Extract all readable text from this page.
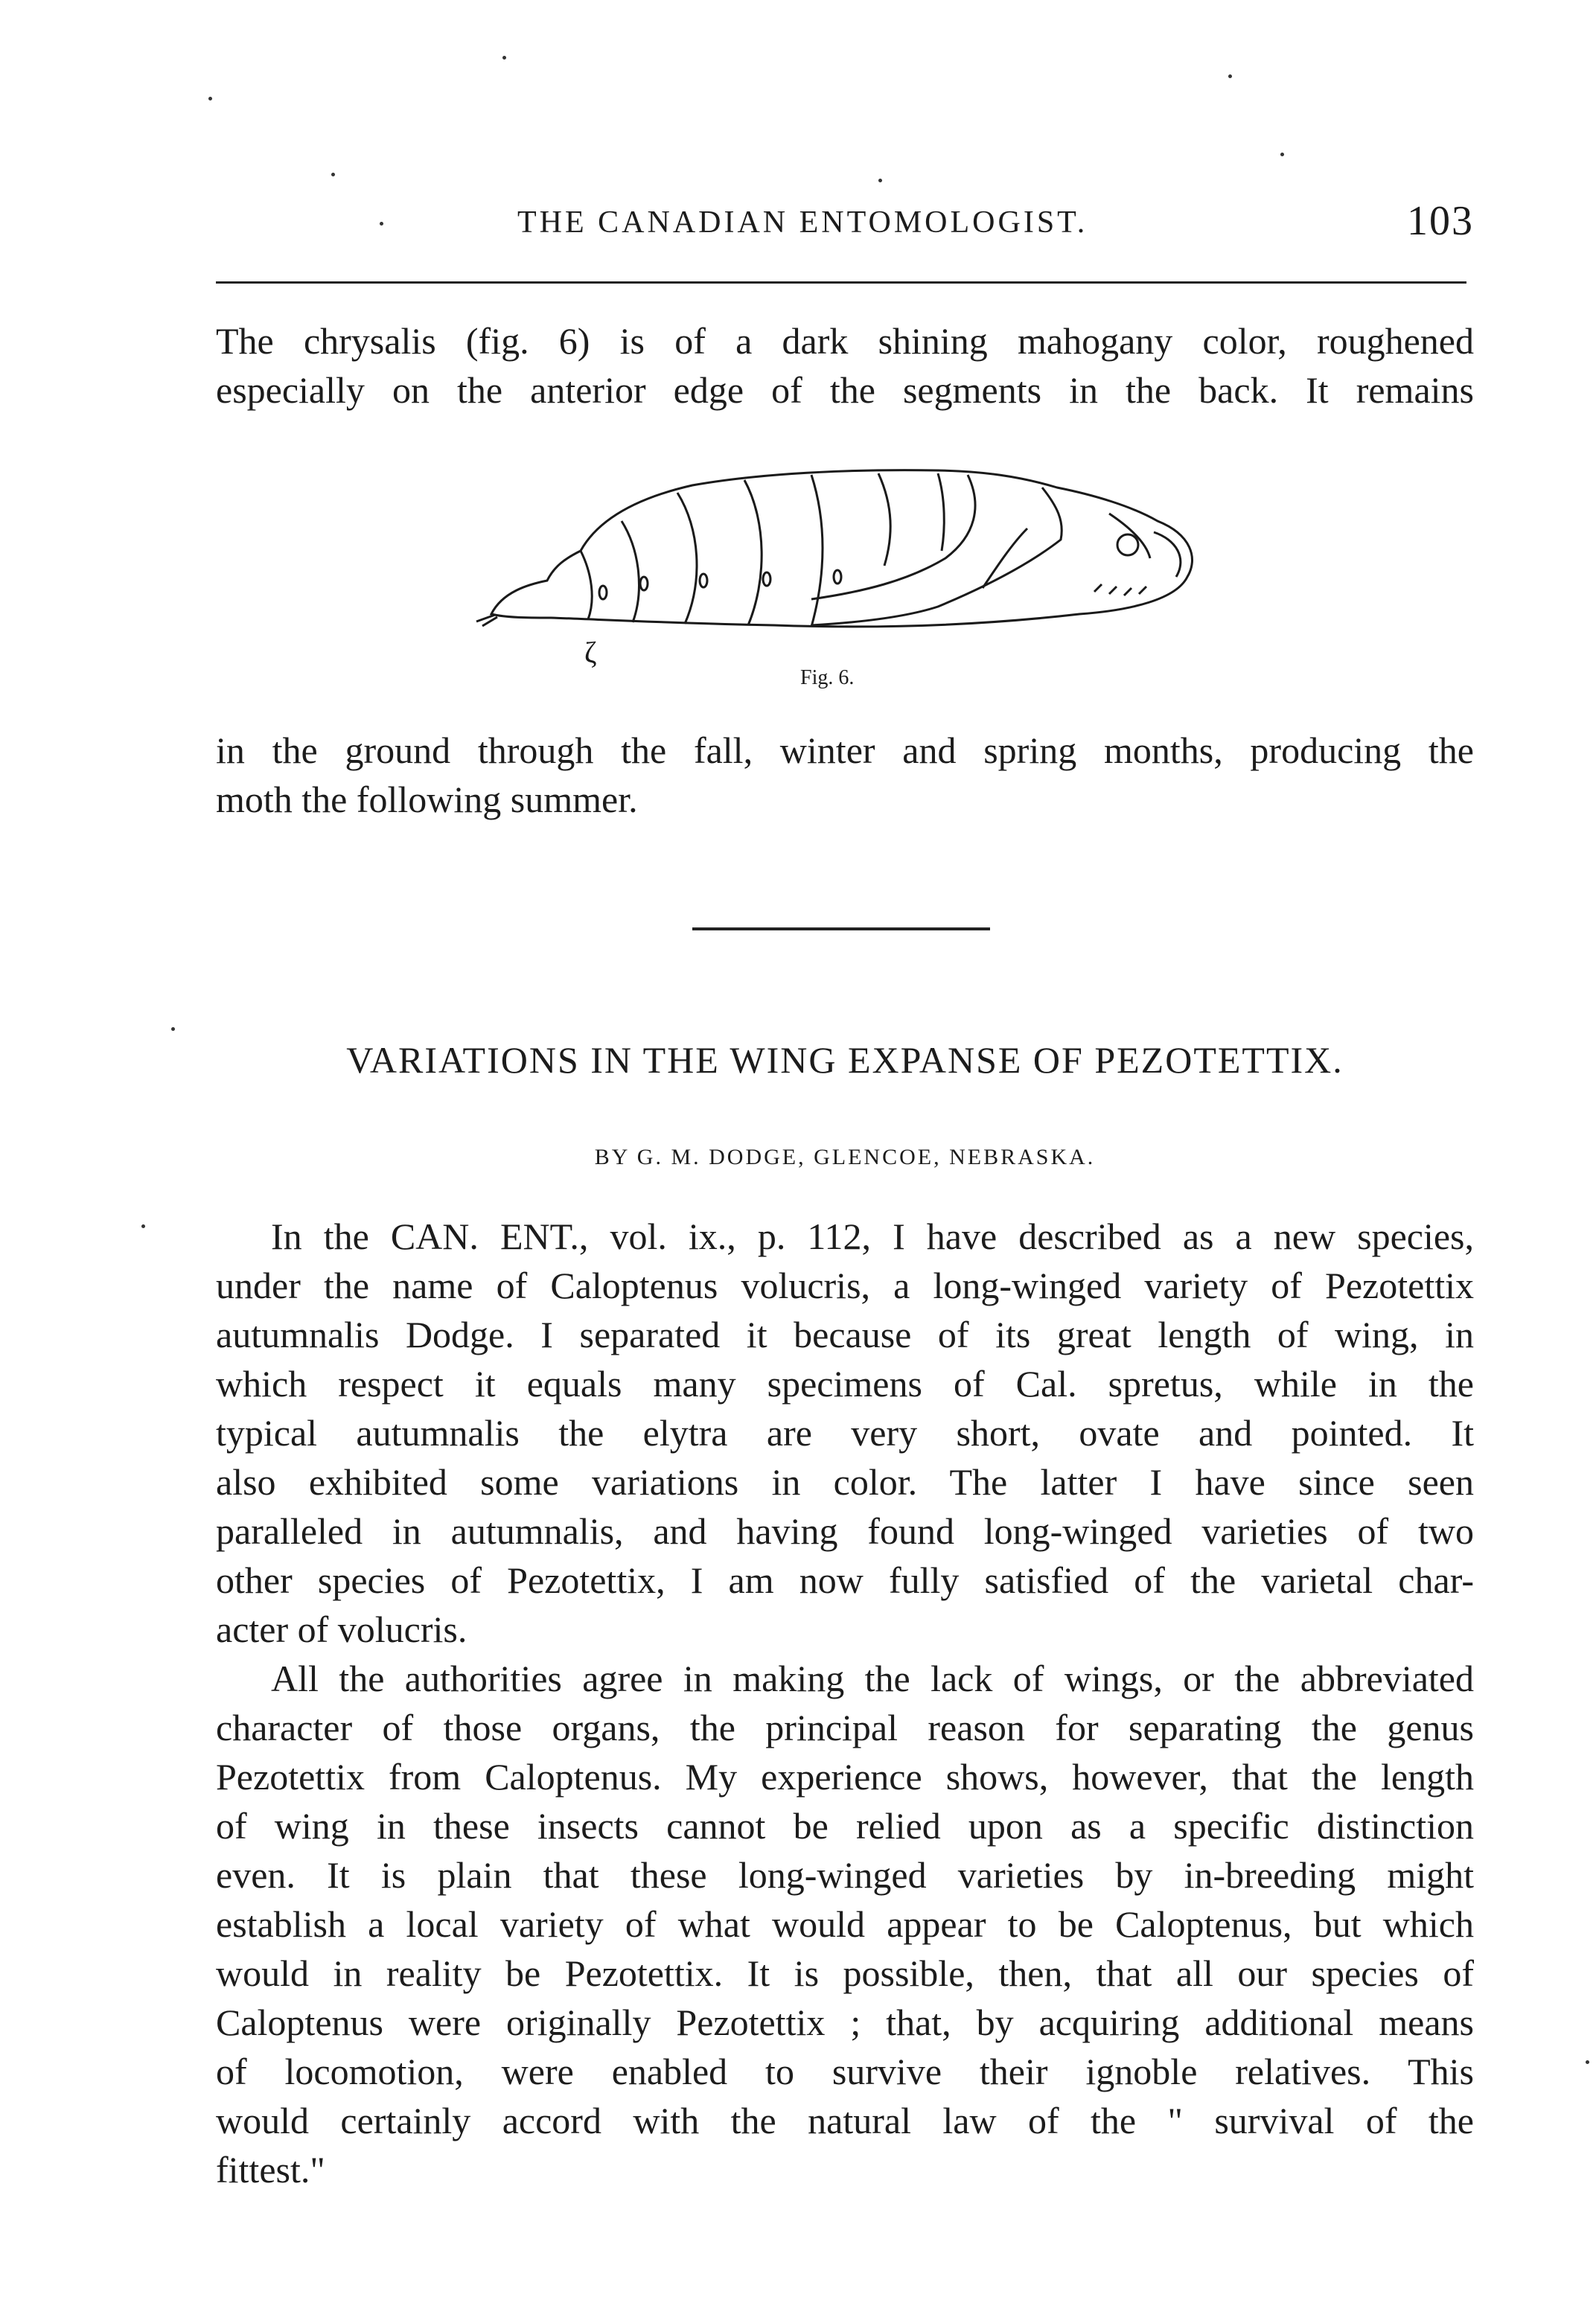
THE CANADIAN ENTOMOLOGIST.	103
The chrysalis (fig. 6) is of a dark shining mahogany color, roughened
especially on the anterior edge of the segments in the back. It remains
ζ
Fig. 6.
in the ground through the fall, winter and spring months, producing the
moth the following summer.
VARIATIONS IN THE WING EXPANSE OF PEZOTETTIX.
BY G. M. DODGE, GLENCOE, NEBRASKA.
In the CAN. ENT., vol. ix., p. 112, I have described as a new species,
under the name of Caloptenus volucris, a long-winged variety of Pezotettix
autumnalis Dodge. I separated it because of its great length of wing, in
which respect it equals many specimens of Cal. spretus, while in the
typical autumnalis the elytra are very short, ovate and pointed. It
also exhibited some variations in color. The latter I have since seen
paralleled in autumnalis, and having found long-winged varieties of two
other species of Pezotettix, I am now fully satisfied of the varietal char-
acter of volucris.
All the authorities agree in making the lack of wings, or the abbreviated
character of those organs, the principal reason for separating the genus
Pezotettix from Caloptenus. My experience shows, however, that the length
of wing in these insects cannot be relied upon as a specific distinction
even. It is plain that these long-winged varieties by in-breeding might
establish a local variety of what would appear to be Caloptenus, but which
would in reality be Pezotettix. It is possible, then, that all our species of
Caloptenus were originally Pezotettix ; that, by acquiring additional means
of locomotion, were enabled to survive their ignoble relatives. This
would certainly accord with the natural law of the " survival of the
fittest."
